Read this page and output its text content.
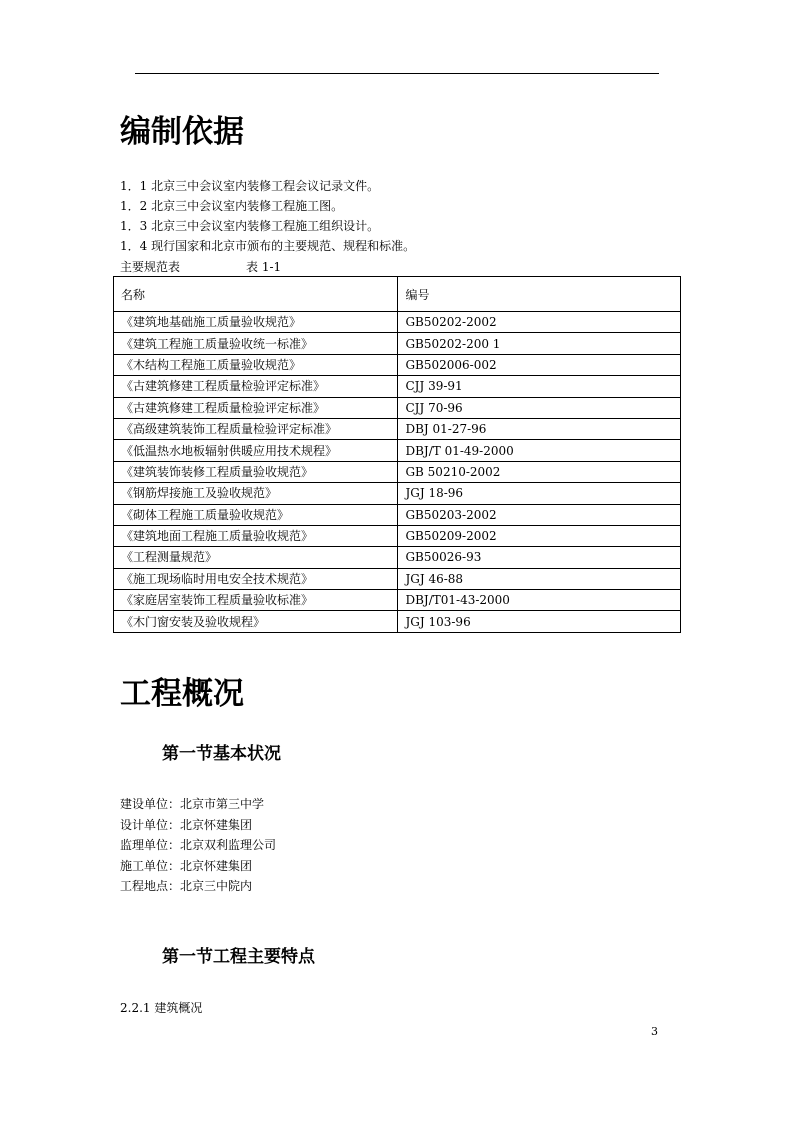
编制依据
1．1 北京三中会议室内装修工程会议记录文件。
1．2 北京三中会议室内装修工程施工图。
1．3 北京三中会议室内装修工程施工组织设计。
1．4 现行国家和北京市颁布的主要规范、规程和标准。
主要规范表	表 1-1
名称	编号
《建筑地基础施工质量验收规范》	GB50202-2002
《建筑工程施工质量验收统一标准》	GB50202-200 1
《木结构工程施工质量验收规范》	GB502006-002
《古建筑修建工程质量检验评定标准》	CJJ 39-91
《古建筑修建工程质量检验评定标准》	CJJ 70-96
《高级建筑装饰工程质量检验评定标准》	DBJ 01-27-96
《低温热水地板辐射供暖应用技术规程》	DBJ/T 01-49-2000
《建筑装饰装修工程质量验收规范》	GB 50210-2002
《钢筋焊接施工及验收规范》	JGJ 18-96
《砌体工程施工质量验收规范》	GB50203-2002
《建筑地面工程施工质量验收规范》	GB50209-2002
《工程测量规范》	GB50026-93
《施工现场临时用电安全技术规范》	JGJ 46-88
《家庭居室装饰工程质量验收标准》	DBJ/T01-43-2000
《木门窗安装及验收规程》	JGJ 103-96
工程概况
第一节基本状况
建设单位：北京市第三中学
设计单位：北京怀建集团
监理单位：北京双利监理公司
施工单位：北京怀建集团
工程地点：北京三中院内
第一节工程主要特点
2.2.1 建筑概况
3
